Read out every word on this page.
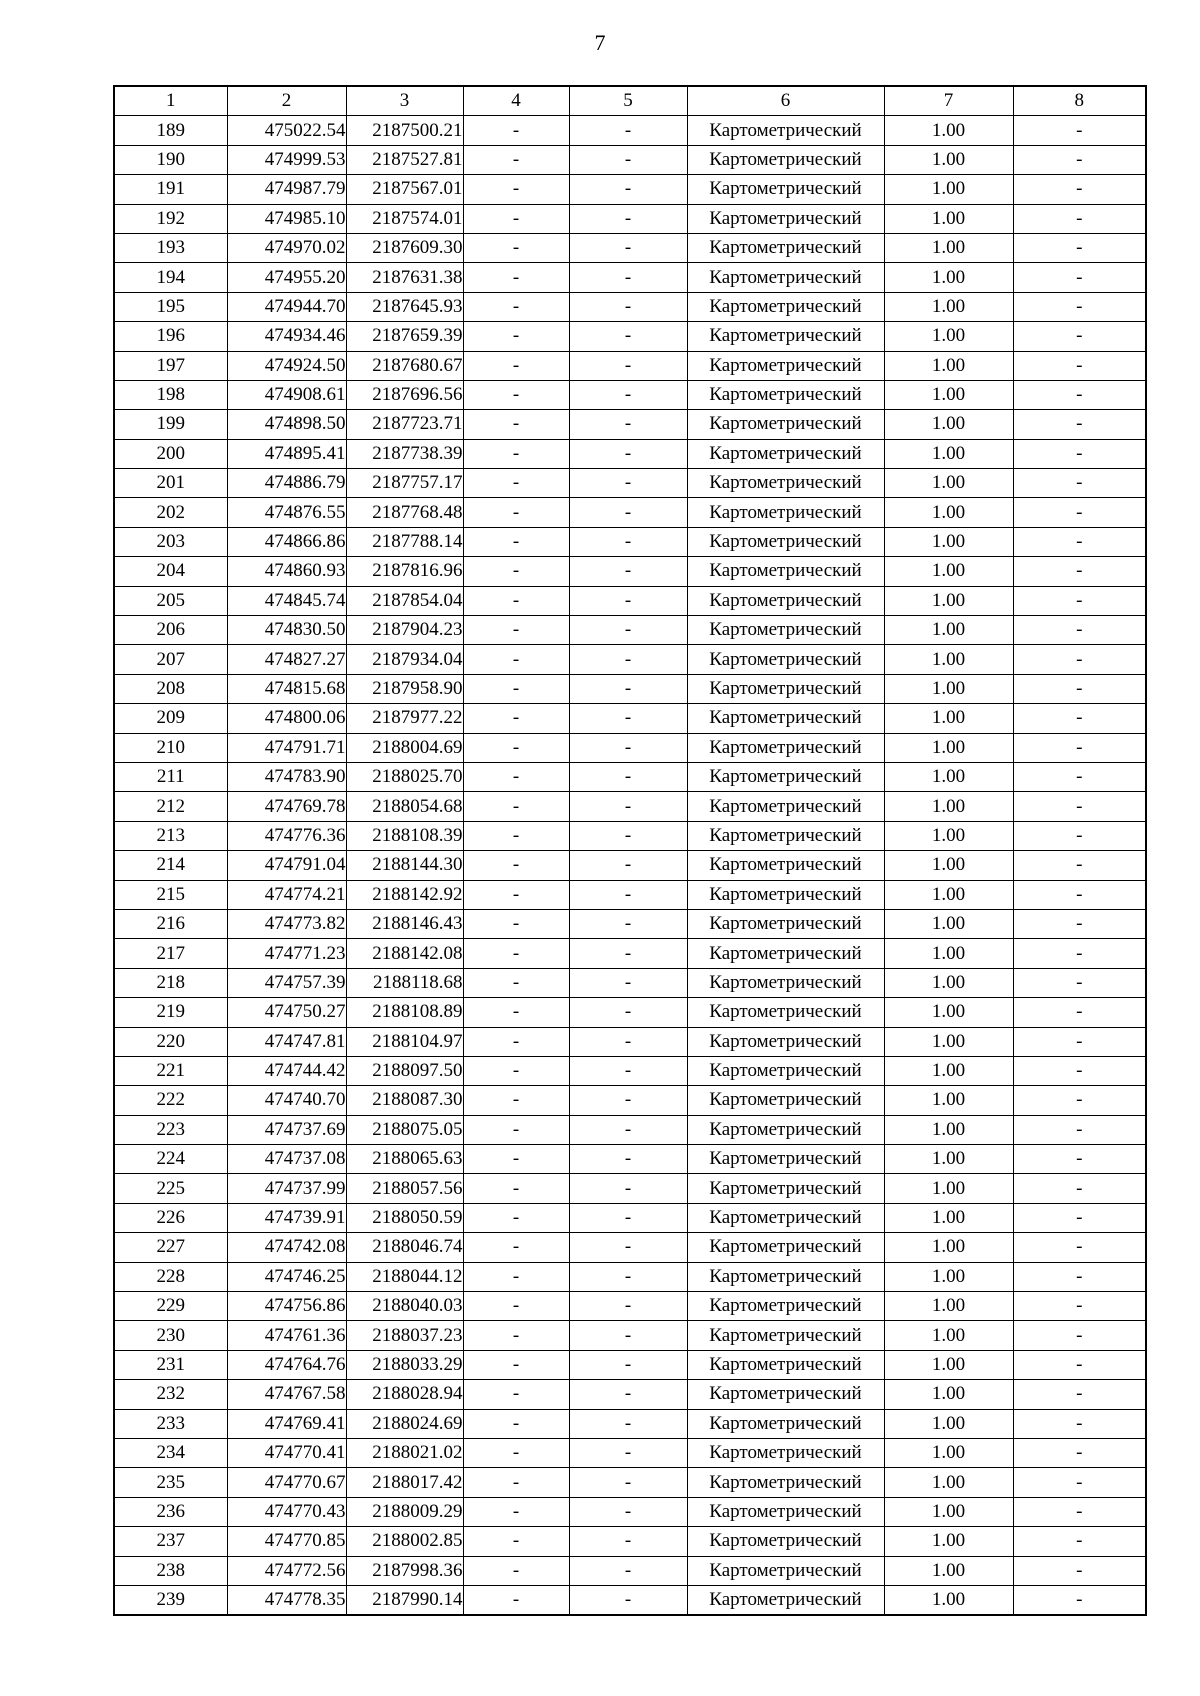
7
1	2	3	4	5	6	7	8
189	475022.54	2187500.21	-	-	Картометрический	1.00	-
190	474999.53	2187527.81	-	-	Картометрический	1.00	-
191	474987.79	2187567.01	-	-	Картометрический	1.00	-
192	474985.10	2187574.01	-	-	Картометрический	1.00	-
193	474970.02	2187609.30	-	-	Картометрический	1.00	-
194	474955.20	2187631.38	-	-	Картометрический	1.00	-
195	474944.70	2187645.93	-	-	Картометрический	1.00	-
196	474934.46	2187659.39	-	-	Картометрический	1.00	-
197	474924.50	2187680.67	-	-	Картометрический	1.00	-
198	474908.61	2187696.56	-	-	Картометрический	1.00	-
199	474898.50	2187723.71	-	-	Картометрический	1.00	-
200	474895.41	2187738.39	-	-	Картометрический	1.00	-
201	474886.79	2187757.17	-	-	Картометрический	1.00	-
202	474876.55	2187768.48	-	-	Картометрический	1.00	-
203	474866.86	2187788.14	-	-	Картометрический	1.00	-
204	474860.93	2187816.96	-	-	Картометрический	1.00	-
205	474845.74	2187854.04	-	-	Картометрический	1.00	-
206	474830.50	2187904.23	-	-	Картометрический	1.00	-
207	474827.27	2187934.04	-	-	Картометрический	1.00	-
208	474815.68	2187958.90	-	-	Картометрический	1.00	-
209	474800.06	2187977.22	-	-	Картометрический	1.00	-
210	474791.71	2188004.69	-	-	Картометрический	1.00	-
211	474783.90	2188025.70	-	-	Картометрический	1.00	-
212	474769.78	2188054.68	-	-	Картометрический	1.00	-
213	474776.36	2188108.39	-	-	Картометрический	1.00	-
214	474791.04	2188144.30	-	-	Картометрический	1.00	-
215	474774.21	2188142.92	-	-	Картометрический	1.00	-
216	474773.82	2188146.43	-	-	Картометрический	1.00	-
217	474771.23	2188142.08	-	-	Картометрический	1.00	-
218	474757.39	2188118.68	-	-	Картометрический	1.00	-
219	474750.27	2188108.89	-	-	Картометрический	1.00	-
220	474747.81	2188104.97	-	-	Картометрический	1.00	-
221	474744.42	2188097.50	-	-	Картометрический	1.00	-
222	474740.70	2188087.30	-	-	Картометрический	1.00	-
223	474737.69	2188075.05	-	-	Картометрический	1.00	-
224	474737.08	2188065.63	-	-	Картометрический	1.00	-
225	474737.99	2188057.56	-	-	Картометрический	1.00	-
226	474739.91	2188050.59	-	-	Картометрический	1.00	-
227	474742.08	2188046.74	-	-	Картометрический	1.00	-
228	474746.25	2188044.12	-	-	Картометрический	1.00	-
229	474756.86	2188040.03	-	-	Картометрический	1.00	-
230	474761.36	2188037.23	-	-	Картометрический	1.00	-
231	474764.76	2188033.29	-	-	Картометрический	1.00	-
232	474767.58	2188028.94	-	-	Картометрический	1.00	-
233	474769.41	2188024.69	-	-	Картометрический	1.00	-
234	474770.41	2188021.02	-	-	Картометрический	1.00	-
235	474770.67	2188017.42	-	-	Картометрический	1.00	-
236	474770.43	2188009.29	-	-	Картометрический	1.00	-
237	474770.85	2188002.85	-	-	Картометрический	1.00	-
238	474772.56	2187998.36	-	-	Картометрический	1.00	-
239	474778.35	2187990.14	-	-	Картометрический	1.00	-
